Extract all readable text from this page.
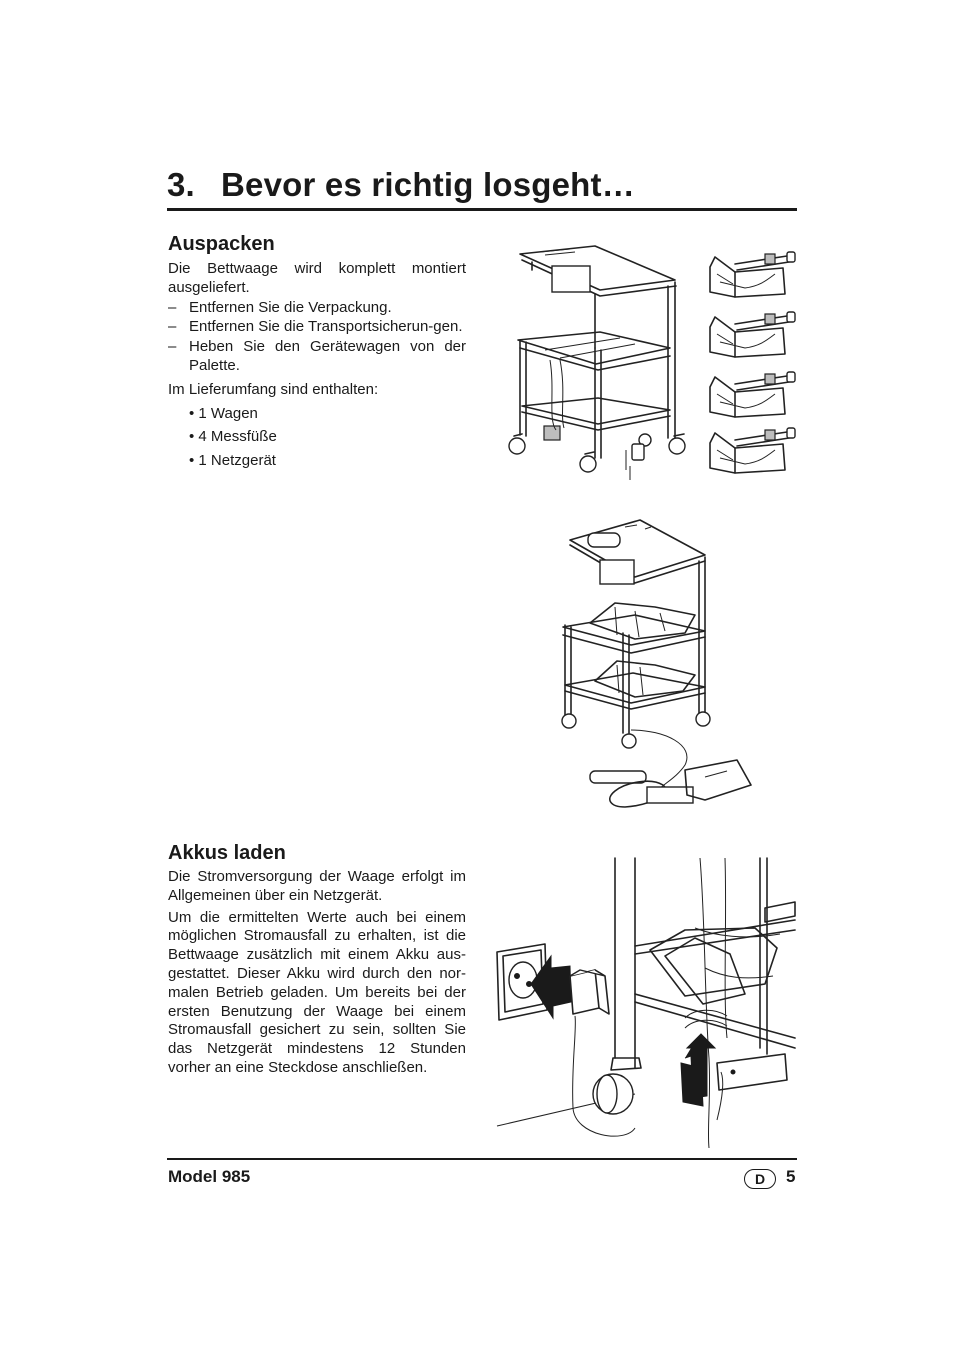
3. Bevor es richtig losgeht…
Auspacken

Die Bettwaage wird komplett montiert ausgeliefert.

– Entfernen Sie die Verpackung.
– Entfernen Sie die Transportsicherun-gen.
– Heben Sie den Gerätewagen von der Palette.

Im Lieferumfang sind enthalten:

• 1 Wagen
• 4 Messfüße
• 1 Netzgerät
Akkus laden

Die Stromversorgung der Waage erfolgt im Allgemeinen über ein Netzgerät.

Um die ermittelten Werte auch bei einem möglichen Stromausfall zu erhalten, ist die Bettwaage zusätzlich mit einem Akku aus-gestattet. Dieser Akku wird durch den nor-malen Betrieb geladen. Um bereits bei der ersten Benutzung der Waage bei einem Stromausfall gesichert zu sein, sollten Sie das Netzgerät mindestens 12 Stunden vorher an eine Steckdose anschließen.

Model 985	D	5
